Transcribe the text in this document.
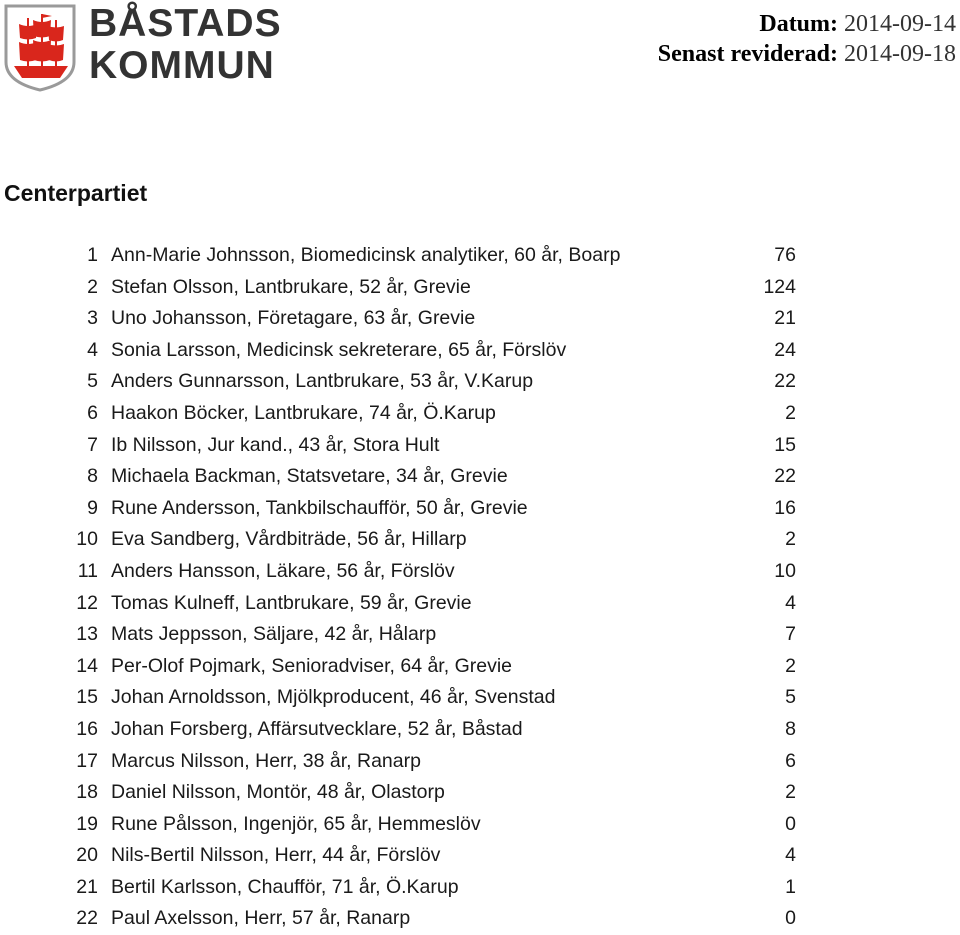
BÅSTADS
KOMMUN
Datum: 2014-09-14
Senast reviderad: 2014-09-18
Centerpartiet
1 Ann-Marie Johnsson, Biomedicinsk analytiker, 60 år, Boarp	76
2 Stefan Olsson, Lantbrukare, 52 år, Grevie	124
3 Uno Johansson, Företagare, 63 år, Grevie	21
4 Sonia Larsson, Medicinsk sekreterare, 65 år, Förslöv	24
5 Anders Gunnarsson, Lantbrukare, 53 år, V.Karup	22
6 Haakon Böcker, Lantbrukare, 74 år, Ö.Karup	2
7 Ib Nilsson, Jur kand., 43 år, Stora Hult	15
8 Michaela Backman, Statsvetare, 34 år, Grevie	22
9 Rune Andersson, Tankbilschaufför, 50 år, Grevie	16
10 Eva Sandberg, Vårdbiträde, 56 år, Hillarp	2
11 Anders Hansson, Läkare, 56 år, Förslöv	10
12 Tomas Kulneff, Lantbrukare, 59 år, Grevie	4
13 Mats Jeppsson, Säljare, 42 år, Hålarp	7
14 Per-Olof Pojmark, Senioradviser, 64 år, Grevie	2
15 Johan Arnoldsson, Mjölkproducent, 46 år, Svenstad	5
16 Johan Forsberg, Affärsutvecklare, 52 år, Båstad	8
17 Marcus Nilsson, Herr, 38 år, Ranarp	6
18 Daniel Nilsson, Montör, 48 år, Olastorp	2
19 Rune Pålsson, Ingenjör, 65 år, Hemmeslöv	0
20 Nils-Bertil Nilsson, Herr, 44 år, Förslöv	4
21 Bertil Karlsson, Chaufför, 71 år, Ö.Karup	1
22 Paul Axelsson, Herr, 57 år, Ranarp	0
